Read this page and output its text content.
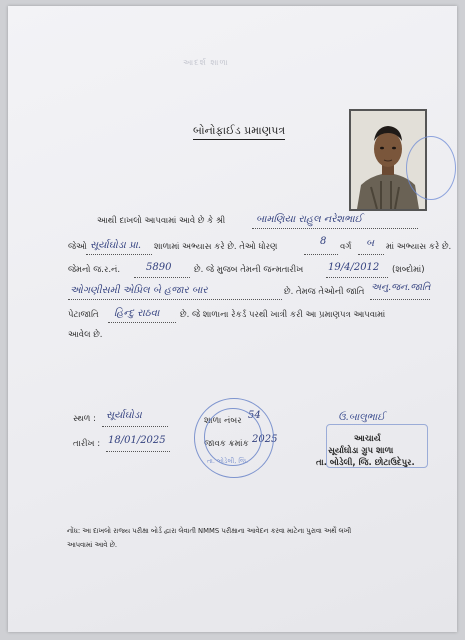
આદર્શ શાળા
બોનોફાઈડ પ્રમાણપત્ર
આથી દાખલો આપવામાં આવે છે કે શ્રી	બામણિયા રાહુલ નરેશભાઈ
જેઓ સૂર્યાઘોડા પ્રા. શાળામાં અભ્યાસ કરે છે. તેઓ ધોરણ	8 વર્ગ બ માં અભ્યાસ કરે છે.
જેમનો જ.ર.નં.	5890	છે. જે મુજબ તેમની જન્મતારીખ 19/4/2012 (શબ્દોમાં)
ઓગણીસમી એપ્રિલ બે હજાર બાર	છે. તેમજ તેઓની જાતિ અનુ.જન.જાતિ
પેટાજાતિ હિન્દુ રાઠવા છે. જે શાળાના રેકર્ડ પરથી ખાત્રી કરી આ પ્રમાણપત્ર આપવામાં
આવેલ છે.
સ્થળ : સૂર્યાઘોડા
તારીખ : 18/01/2025
શાળા નંબર 54
જાવક ક્રમાંક 2025
તા. બોડેલી, જિ.
ઉ.બાલુભાઈ
આચાર્ય
સૂર્યાઘોડા ગ્રુપ શાળા
તા. બોડેલી, જિ. છોટાઉદેપુર.
નોંધ: આ દાખલો રાજ્ય પરીક્ષા બોર્ડ દ્વારા લેવાતી NMMS પરીક્ષાના આવેદન કરવા માટેના પુરાવા અર્થે લખી
આપવામાં આવે છે.
